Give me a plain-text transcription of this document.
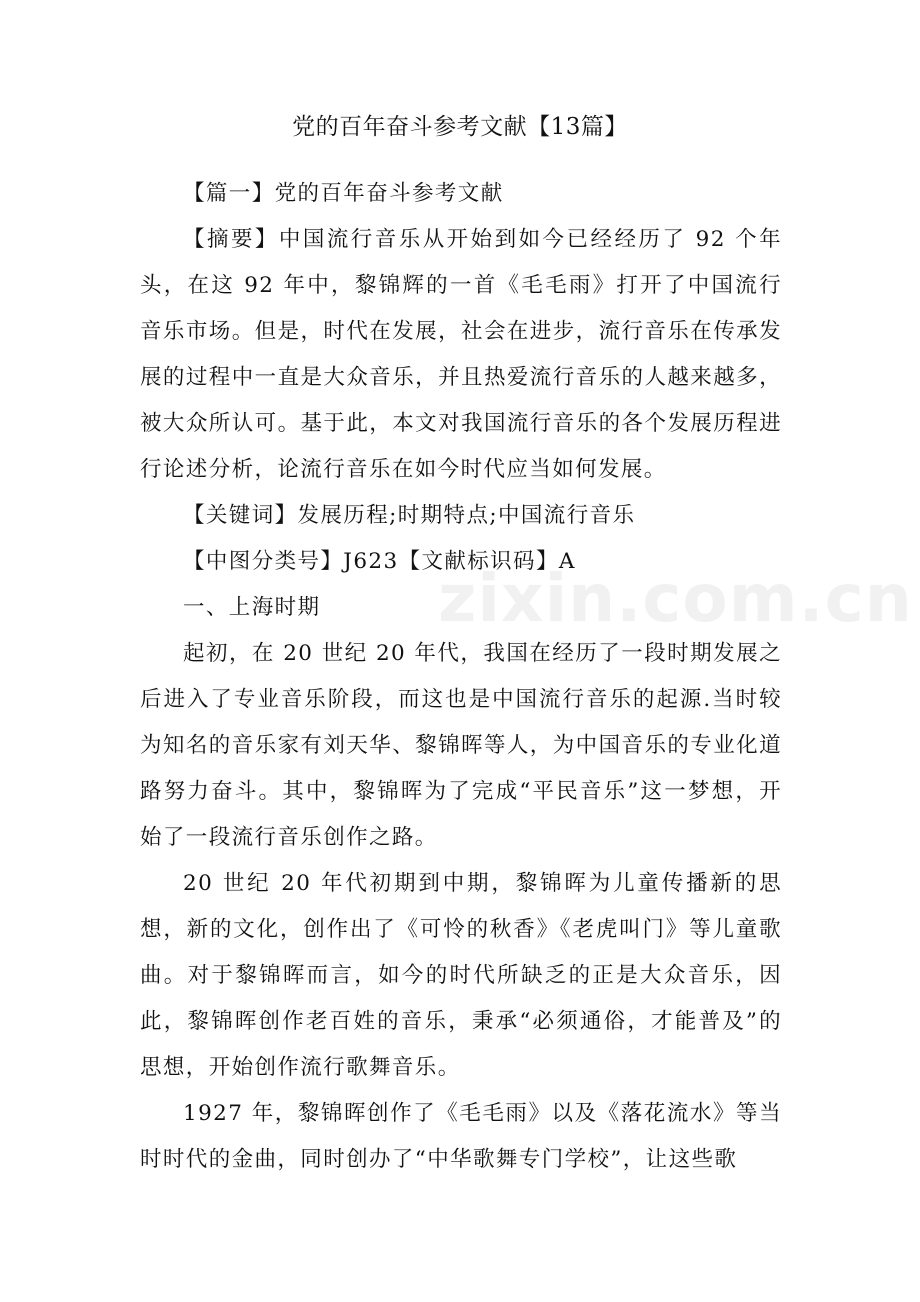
党的百年奋斗参考文献【13篇】

【篇一】党的百年奋斗参考文献

【摘要】中国流行音乐从开始到如今已经经历了 92 个年头，在这 92 年中，黎锦辉的一首《毛毛雨》打开了中国流行音乐市场。但是，时代在发展，社会在进步，流行音乐在传承发展的过程中一直是大众音乐，并且热爱流行音乐的人越来越多，被大众所认可。基于此，本文对我国流行音乐的各个发展历程进行论述分析，论流行音乐在如今时代应当如何发展。

【关键词】发展历程;时期特点;中国流行音乐

【中图分类号】J623【文献标识码】A

一、上海时期

起初，在 20 世纪 20 年代，我国在经历了一段时期发展之后进入了专业音乐阶段，而这也是中国流行音乐的起源.当时较为知名的音乐家有刘天华、黎锦晖等人，为中国音乐的专业化道路努力奋斗。其中，黎锦晖为了完成“平民音乐”这一梦想，开始了一段流行音乐创作之路。

20 世纪 20 年代初期到中期，黎锦晖为儿童传播新的思想，新的文化，创作出了《可怜的秋香》《老虎叫门》等儿童歌曲。对于黎锦晖而言，如今的时代所缺乏的正是大众音乐，因此，黎锦晖创作老百姓的音乐，秉承“必须通俗，才能普及”的思想，开始创作流行歌舞音乐。

1927 年，黎锦晖创作了《毛毛雨》以及《落花流水》等当时时代的金曲，同时创办了“中华歌舞专门学校”，让这些歌

zixin.com.cn
